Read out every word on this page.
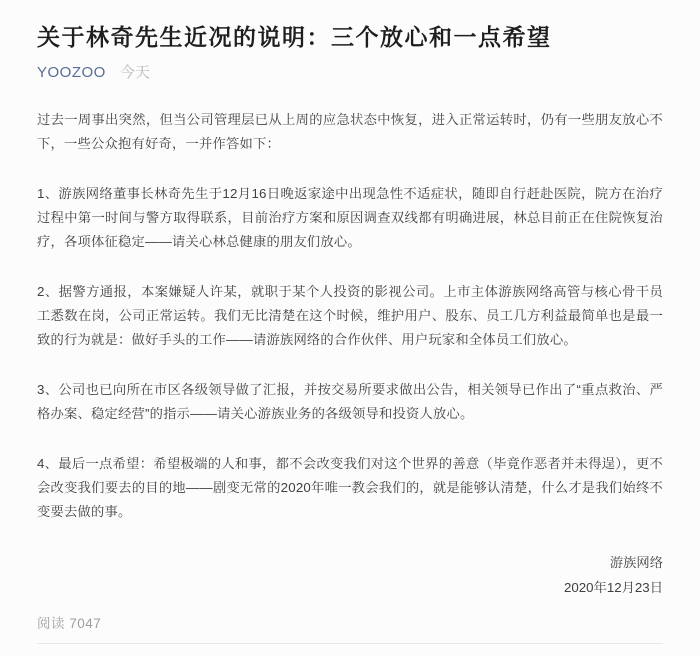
关于林奇先生近况的说明：三个放心和一点希望
YOOZOO 今天

过去一周事出突然，但当公司管理层已从上周的应急状态中恢复，进入正常运转时，仍有一些朋友放心不下，一些公众抱有好奇，一并作答如下：

1、游族网络董事长林奇先生于12月16日晚返家途中出现急性不适症状，随即自行赶赴医院，院方在治疗过程中第一时间与警方取得联系，目前治疗方案和原因调查双线都有明确进展，林总目前正在住院恢复治疗，各项体征稳定——请关心林总健康的朋友们放心。

2、据警方通报，本案嫌疑人许某，就职于某个人投资的影视公司。上市主体游族网络高管与核心骨干员工悉数在岗，公司正常运转。我们无比清楚在这个时候，维护用户、股东、员工几方利益最简单也是最一致的行为就是：做好手头的工作——请游族网络的合作伙伴、用户玩家和全体员工们放心。

3、公司也已向所在市区各级领导做了汇报，并按交易所要求做出公告，相关领导已作出了“重点救治、严格办案、稳定经营”的指示——请关心游族业务的各级领导和投资人放心。

4、最后一点希望：希望极端的人和事，都不会改变我们对这个世界的善意（毕竟作恶者并未得逞），更不会改变我们要去的目的地——剧变无常的2020年唯一教会我们的，就是能够认清楚，什么才是我们始终不变要去做的事。

游族网络
2020年12月23日
阅读 7047
